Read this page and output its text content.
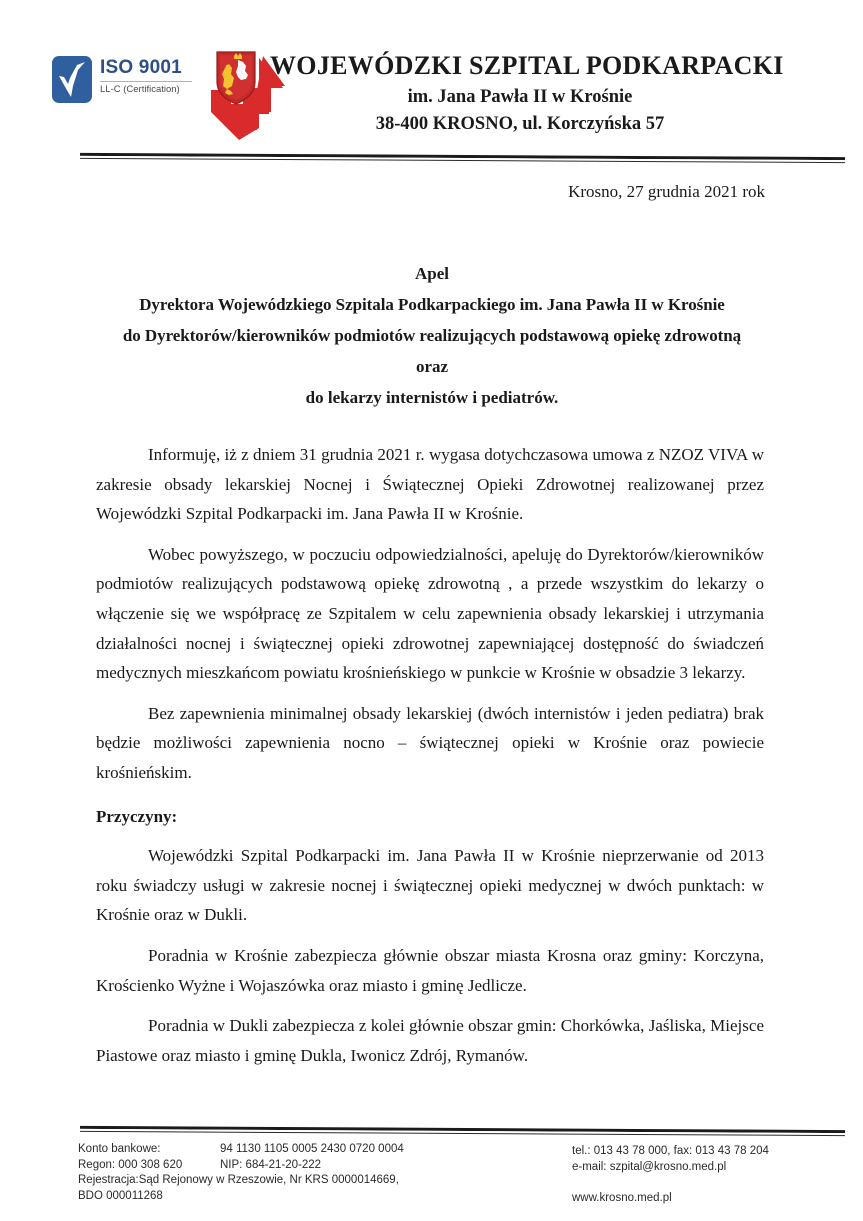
ISO 9001
LL-C (Certification)
WOJEWÓDZKI SZPITAL PODKARPACKI
im. Jana Pawła II w Krośnie
38-400 KROSNO, ul. Korczyńska 57
Krosno, 27 grudnia 2021 rok
Apel
Dyrektora Wojewódzkiego Szpitala Podkarpackiego im. Jana Pawła II w Krośnie
do Dyrektorów/kierowników podmiotów realizujących podstawową opiekę zdrowotną
oraz
do lekarzy internistów i pediatrów.

Informuję, iż z dniem 31 grudnia 2021 r. wygasa dotychczasowa umowa z NZOZ VIVA w zakresie obsady lekarskiej Nocnej i Świątecznej Opieki Zdrowotnej realizowanej przez Wojewódzki Szpital Podkarpacki im. Jana Pawła II w Krośnie.

Wobec powyższego, w poczuciu odpowiedzialności, apeluję do Dyrektorów/kierowników podmiotów realizujących podstawową opiekę zdrowotną , a przede wszystkim do lekarzy o włączenie się we współpracę ze Szpitalem w celu zapewnienia obsady lekarskiej i utrzymania działalności nocnej i świątecznej opieki zdrowotnej zapewniającej dostępność do świadczeń medycznych mieszkańcom powiatu krośnieńskiego w punkcie w Krośnie w obsadzie 3 lekarzy.

Bez zapewnienia minimalnej obsady lekarskiej (dwóch internistów i jeden pediatra) brak będzie możliwości zapewnienia nocno – świątecznej opieki w Krośnie oraz powiecie krośnieńskim.

Przyczyny:

Wojewódzki Szpital Podkarpacki im. Jana Pawła II w Krośnie nieprzerwanie od 2013 roku świadczy usługi w zakresie nocnej i świątecznej opieki medycznej w dwóch punktach: w Krośnie oraz w Dukli.

Poradnia w Krośnie zabezpiecza głównie obszar miasta Krosna oraz gminy: Korczyna, Krościenko Wyżne i Wojaszówka oraz miasto i gminę Jedlicze.

Poradnia w Dukli zabezpiecza z kolei głównie obszar gmin: Chorkówka, Jaśliska, Miejsce Piastowe oraz miasto i gminę Dukla, Iwonicz Zdrój, Rymanów.

Konto bankowe:	94 1130 1105 0005 2430 0720 0004
Regon: 000 308 620	NIP: 684-21-20-222
Rejestracja:Sąd Rejonowy w Rzeszowie, Nr KRS 0000014669,
BDO 000011268
tel.: 013 43 78 000, fax: 013 43 78 204
e-mail: szpital@krosno.med.pl
www.krosno.med.pl
